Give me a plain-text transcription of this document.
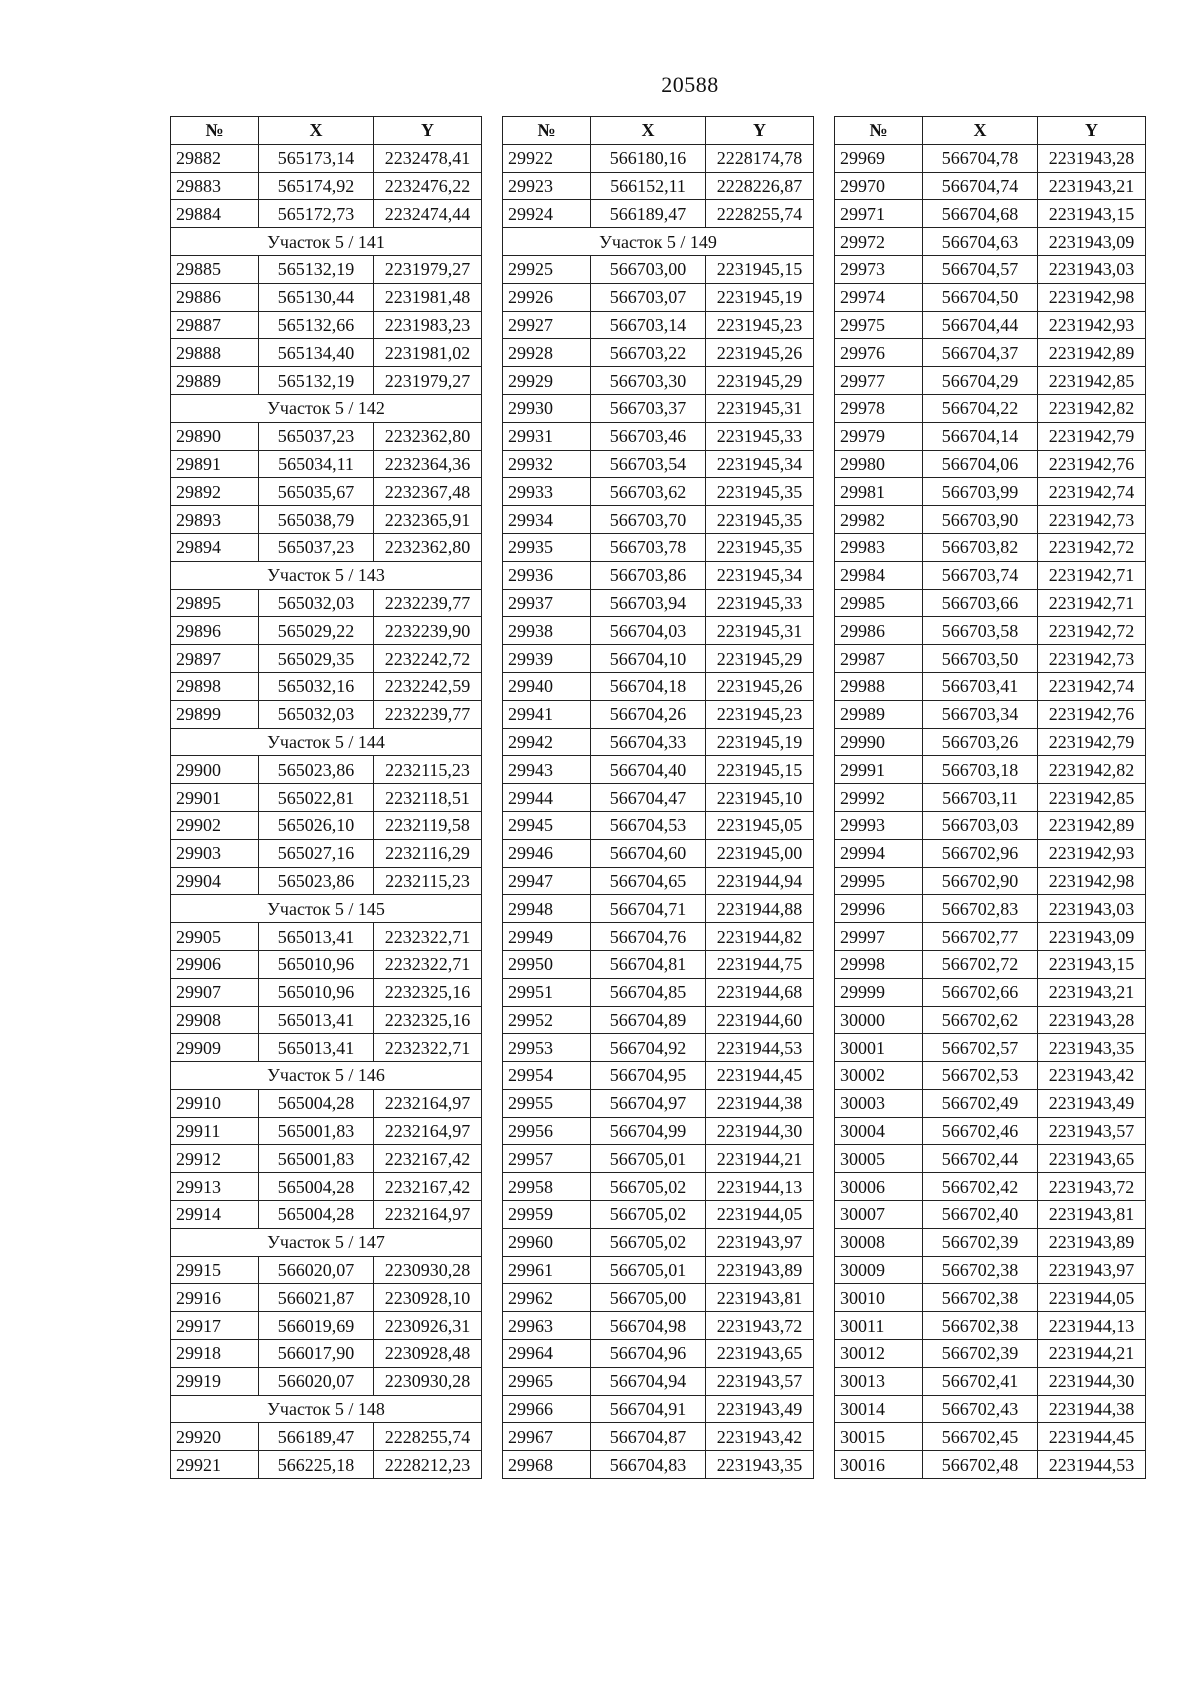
20588
№	X	Y
29882	565173,14	2232478,41
29883	565174,92	2232476,22
29884	565172,73	2232474,44
Участок 5 / 141		
29885	565132,19	2231979,27
29886	565130,44	2231981,48
29887	565132,66	2231983,23
29888	565134,40	2231981,02
29889	565132,19	2231979,27
Участок 5 / 142		
29890	565037,23	2232362,80
29891	565034,11	2232364,36
29892	565035,67	2232367,48
29893	565038,79	2232365,91
29894	565037,23	2232362,80
Участок 5 / 143		
29895	565032,03	2232239,77
29896	565029,22	2232239,90
29897	565029,35	2232242,72
29898	565032,16	2232242,59
29899	565032,03	2232239,77
Участок 5 / 144		
29900	565023,86	2232115,23
29901	565022,81	2232118,51
29902	565026,10	2232119,58
29903	565027,16	2232116,29
29904	565023,86	2232115,23
Участок 5 / 145		
29905	565013,41	2232322,71
29906	565010,96	2232322,71
29907	565010,96	2232325,16
29908	565013,41	2232325,16
29909	565013,41	2232322,71
Участок 5 / 146		
29910	565004,28	2232164,97
29911	565001,83	2232164,97
29912	565001,83	2232167,42
29913	565004,28	2232167,42
29914	565004,28	2232164,97
Участок 5 / 147		
29915	566020,07	2230930,28
29916	566021,87	2230928,10
29917	566019,69	2230926,31
29918	566017,90	2230928,48
29919	566020,07	2230930,28
Участок 5 / 148		
29920	566189,47	2228255,74
29921	566225,18	2228212,23
№	X	Y
29922	566180,16	2228174,78
29923	566152,11	2228226,87
29924	566189,47	2228255,74
Участок 5 / 149		
29925	566703,00	2231945,15
29926	566703,07	2231945,19
29927	566703,14	2231945,23
29928	566703,22	2231945,26
29929	566703,30	2231945,29
29930	566703,37	2231945,31
29931	566703,46	2231945,33
29932	566703,54	2231945,34
29933	566703,62	2231945,35
29934	566703,70	2231945,35
29935	566703,78	2231945,35
29936	566703,86	2231945,34
29937	566703,94	2231945,33
29938	566704,03	2231945,31
29939	566704,10	2231945,29
29940	566704,18	2231945,26
29941	566704,26	2231945,23
29942	566704,33	2231945,19
29943	566704,40	2231945,15
29944	566704,47	2231945,10
29945	566704,53	2231945,05
29946	566704,60	2231945,00
29947	566704,65	2231944,94
29948	566704,71	2231944,88
29949	566704,76	2231944,82
29950	566704,81	2231944,75
29951	566704,85	2231944,68
29952	566704,89	2231944,60
29953	566704,92	2231944,53
29954	566704,95	2231944,45
29955	566704,97	2231944,38
29956	566704,99	2231944,30
29957	566705,01	2231944,21
29958	566705,02	2231944,13
29959	566705,02	2231944,05
29960	566705,02	2231943,97
29961	566705,01	2231943,89
29962	566705,00	2231943,81
29963	566704,98	2231943,72
29964	566704,96	2231943,65
29965	566704,94	2231943,57
29966	566704,91	2231943,49
29967	566704,87	2231943,42
29968	566704,83	2231943,35
№	X	Y
29969	566704,78	2231943,28
29970	566704,74	2231943,21
29971	566704,68	2231943,15
29972	566704,63	2231943,09
29973	566704,57	2231943,03
29974	566704,50	2231942,98
29975	566704,44	2231942,93
29976	566704,37	2231942,89
29977	566704,29	2231942,85
29978	566704,22	2231942,82
29979	566704,14	2231942,79
29980	566704,06	2231942,76
29981	566703,99	2231942,74
29982	566703,90	2231942,73
29983	566703,82	2231942,72
29984	566703,74	2231942,71
29985	566703,66	2231942,71
29986	566703,58	2231942,72
29987	566703,50	2231942,73
29988	566703,41	2231942,74
29989	566703,34	2231942,76
29990	566703,26	2231942,79
29991	566703,18	2231942,82
29992	566703,11	2231942,85
29993	566703,03	2231942,89
29994	566702,96	2231942,93
29995	566702,90	2231942,98
29996	566702,83	2231943,03
29997	566702,77	2231943,09
29998	566702,72	2231943,15
29999	566702,66	2231943,21
30000	566702,62	2231943,28
30001	566702,57	2231943,35
30002	566702,53	2231943,42
30003	566702,49	2231943,49
30004	566702,46	2231943,57
30005	566702,44	2231943,65
30006	566702,42	2231943,72
30007	566702,40	2231943,81
30008	566702,39	2231943,89
30009	566702,38	2231943,97
30010	566702,38	2231944,05
30011	566702,38	2231944,13
30012	566702,39	2231944,21
30013	566702,41	2231944,30
30014	566702,43	2231944,38
30015	566702,45	2231944,45
30016	566702,48	2231944,53
